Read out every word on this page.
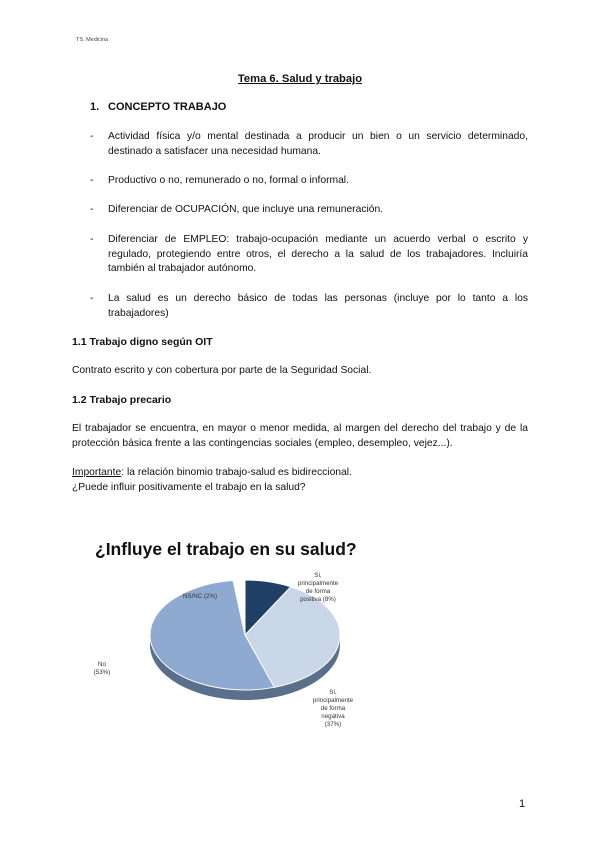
TS. Medicina
Tema 6. Salud y trabajo
1. CONCEPTO TRABAJO
- Actividad física y/o mental destinada a producir un bien o un servicio determinado, destinado a satisfacer una necesidad humana.
- Productivo o no, remunerado o no, formal o informal.
- Diferenciar de OCUPACIÓN, que incluye una remuneración.
- Diferenciar de EMPLEO: trabajo-ocupación mediante un acuerdo verbal o escrito y regulado, protegiendo entre otros, el derecho a la salud de los trabajadores. Incluiría también al trabajador autónomo.
- La salud es un derecho básico de todas las personas (incluye por lo tanto a los trabajadores)
1.1 Trabajo digno según OIT
Contrato escrito y con cobertura por parte de la Seguridad Social.
1.2 Trabajo precario
El trabajador se encuentra, en mayor o menor medida, al margen del derecho del trabajo y de la protección básica frente a las contingencias sociales (empleo, desempleo, vejez...).
Importante: la relación binomio trabajo-salud es bidireccional.
¿Puede influir positivamente el trabajo en la salud?
¿Influye el trabajo en su salud?
Sí, principalmente de forma positiva (8%)
Sí, principalmente de forma negativa (37%)
No (53%)
NS/NC (2%)
1
